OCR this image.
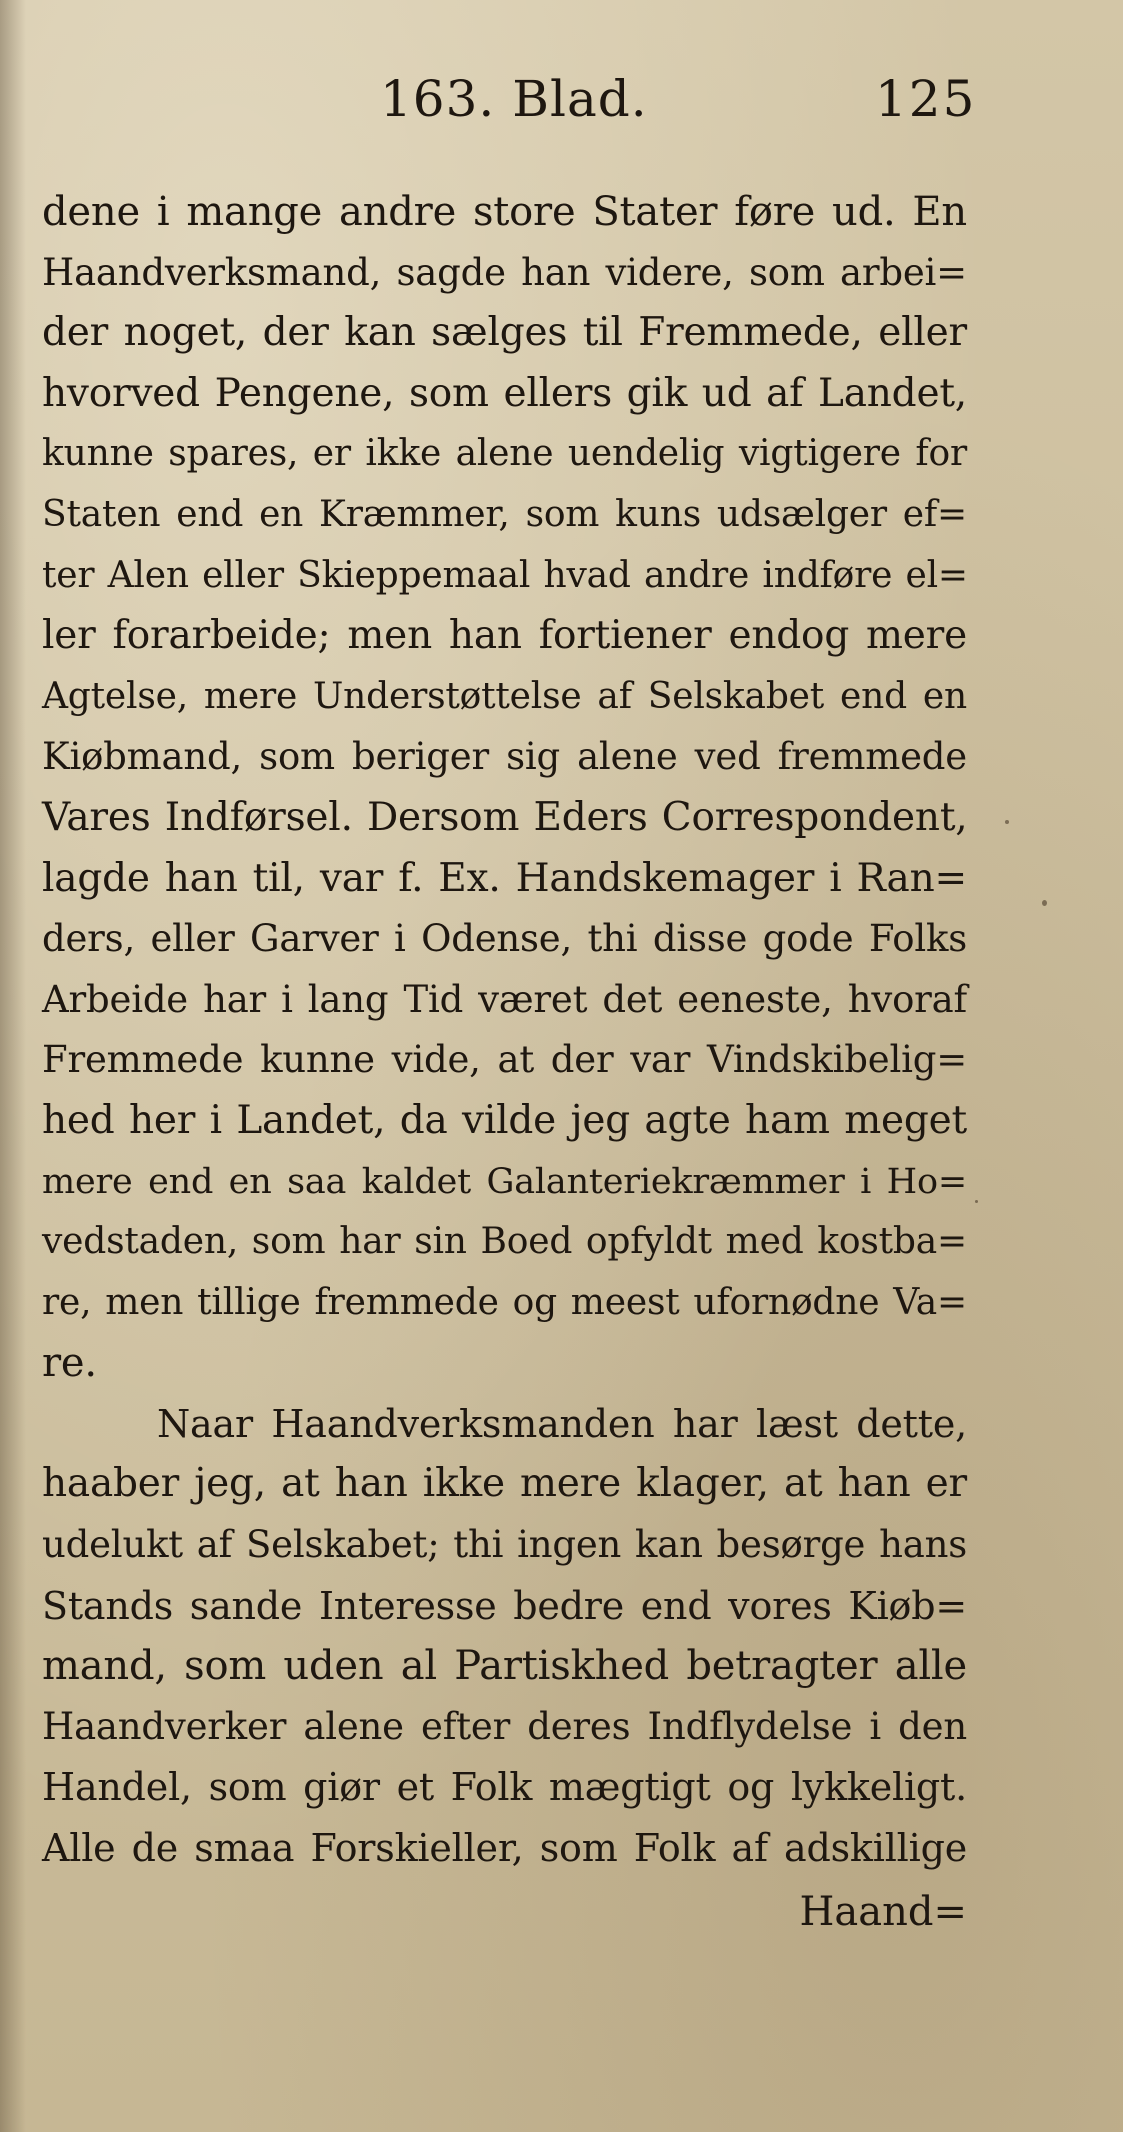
163. Blad.	125
dene i mange andre store Stater føre ud. En
Haandverksmand, sagde han videre, som arbei=
der noget, der kan sælges til Fremmede, eller
hvorved Pengene, som ellers gik ud af Landet,
kunne spares, er ikke alene uendelig vigtigere for
Staten end en Kræmmer, som kuns udsælger ef=
ter Alen eller Skieppemaal hvad andre indføre el=
ler forarbeide; men han fortiener endog mere
Agtelse, mere Understøttelse af Selskabet end en
Kiøbmand, som beriger sig alene ved fremmede
Vares Indførsel. Dersom Eders Correspondent,
lagde han til, var f. Ex. Handskemager i Ran=
ders, eller Garver i Odense, thi disse gode Folks
Arbeide har i lang Tid været det eeneste, hvoraf
Fremmede kunne vide, at der var Vindskibelig=
hed her i Landet, da vilde jeg agte ham meget
mere end en saa kaldet Galanteriekræmmer i Ho=
vedstaden, som har sin Boed opfyldt med kostba=
re, men tillige fremmede og meest ufornødne Va=
re.
Naar Haandverksmanden har læst dette,
haaber jeg, at han ikke mere klager, at han er
udelukt af Selskabet; thi ingen kan besørge hans
Stands sande Interesse bedre end vores Kiøb=
mand, som uden al Partiskhed betragter alle
Haandverker alene efter deres Indflydelse i den
Handel, som giør et Folk mægtigt og lykkeligt.
Alle de smaa Forskieller, som Folk af adskillige
Haand=
